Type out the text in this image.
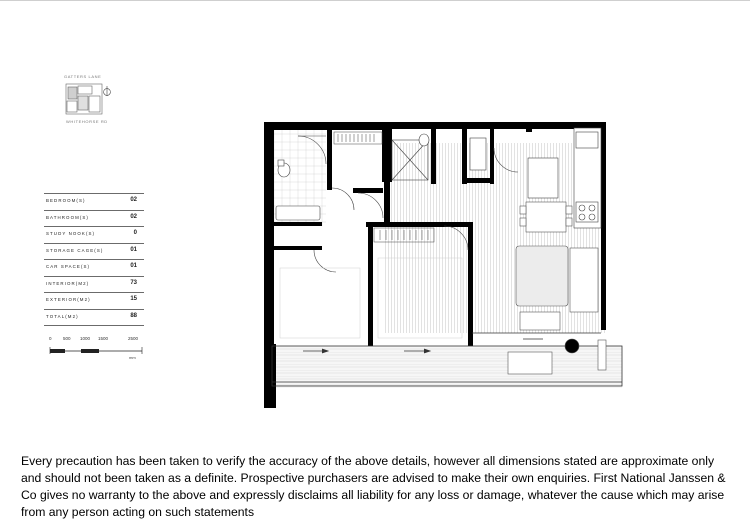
GATTERS LANE
WHITEHORSE RD
BEDROOM(S)	02
BATHROOM(S)	02
STUDY NOOK(S)	0
STORAGE CAGE(S)	01
CAR SPACE(S)	01
INTERIOR(M2)	73
EXTERIOR(M2)	15
TOTAL(M2)	88
0	500 1000 1500	2500
mm
Every precaution has been taken to verify the accuracy of the above details, however all dimensions stated are approximate only and should not been taken as a definite. Prospective purchasers are advised to make their own enquiries. First National Janssen & Co gives no warranty to the above and expressly disclaims all liability for any loss or damage, whatever the cause which may arise from any person acting on such statements
